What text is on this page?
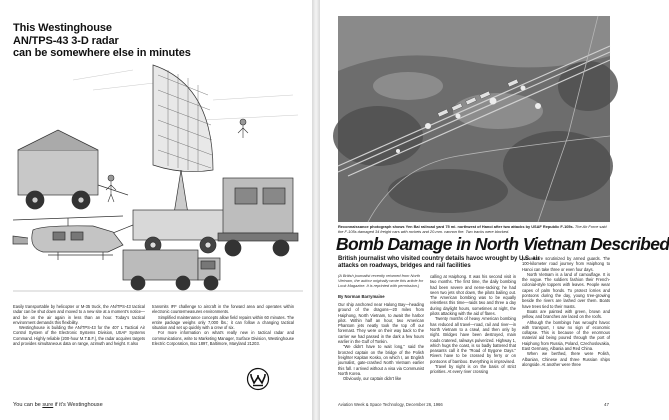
This Westinghouse
AN/TPS-43 3-D radar
can be somewhere else in minutes

Easily transportable by helicopter or M-35 truck, the AN/TPS-43 tactical radar can be shut down and moved to a new site at a moment's notice—and be on the air again in less than an hour. Today's tactical environment demands this flexibility.

Westinghouse is building the AN/TPS-43 for the 407 L Tactical Air Control System of the Electronic Systems Division, USAF Systems Command. Highly reliable (200-hour M.T.B.F.), the radar acquires targets and provides simultaneous data on range, azimuth and height. It also

transmits IFF challenge to aircraft in the forward area and operates within electronic countermeasures environments.

Simplified maintenance concepts allow field repairs within 60 minutes. The entire package weighs only 7,000 lbs.; it can follow a changing tactical situation and set up quickly with a crew of six.

For more information on what's really new in tactical radar and communications, write to Marketing Manager, Surface Division, Westinghouse Electric Corporation, Box 1897, Baltimore, Maryland 21203.

You can be sure if it's Westinghouse
Reconnaissance photograph shows Yen Bai railroad yard 75 mi. northwest of Hanoi after two attacks by USAF Republic F-105s. The Air Force said the F-105s damaged 34 freight cars with rockets and 20-mm. cannon fire. Two tracks were blocked.
Bomb Damage in North Vietnam Described
British journalist who visited country details havoc wrought by U.S. air attacks on roadways, bridges and rail facilities
(A British journalist recently returned from North Vietnam, the author originally wrote this article for Look Magazine. It is reprinted with permission.)
By Norman Barrymaine

Our ship anchored near Halong Bay—heading ground of the dragons—20 miles from Haiphong, North Vietnam, to await the harbor pilot. Within half an hour, two American Phantom jets neatly took the top off our foremast. They were on their way back to the carrier we had passed in the dark a few hours earlier in the Gulf of Tonkin.

"We didn't have to wait long," said the bronzed captain on the bridge of the Polish freighter Kapitan Kosko, on which I, an English journalist, gate-crashed North Vietnam earlier this fall. I arrived without a visa via Communist North Korea.

Obviously, our captain didn't like

calling at Haiphong. It was his second visit in two months. The first time, the daily bombing had been severe and nerve-racking; he had seen two jets shot down, the pilots bailing out. The American bombing was to be equally relentless this time—raids two and three a day during daylight hours, sometimes at night, the pilots attacking with the aid of flares.

Twenty months of heavy American bombing has reduced all travel—road, rail and river—in North Vietnam to a crawl, and then only by night. Bridges have been destroyed, main roads cratered, railways pulverized. Highway 1, which hugs the coast, is so badly battered that peasants call it the "Road of Bygone Days." Rivers have to be crossed by ferry or on pontoons of bamboo. Everything is improvised.

Travel by night is on the basis of strict priorities. At every river crossing

passes are scrutinized by armed guards. The 100-kilometer road journey from Haiphong to Hanoi can take three or even four days.

North Vietnam is a land of camouflage. It is the vogue. The soldiers fashion their French-colonial-style toppers with leaves. People wear capes of palm fronds. To protect lorries and pontoons during the day, young tree-growing beside the rivers are lashed over them. Boats have trees tied to their masts.

Boats are painted with green, brown and yellow, and branches are laced on the roofs.

Although the bombings has wrought havoc with transport, I saw no sign of economic collapse. This is because of the enormous material aid being poured through the port of Haiphong from Russia, Poland, Czechoslovakia, East Germany, Albania and Red China.

When we berthed, there were Polish, Albanian, Chinese and three Russian ships alongside. At another were three

Aviation Week & Space Technology, December 26, 1966	47
